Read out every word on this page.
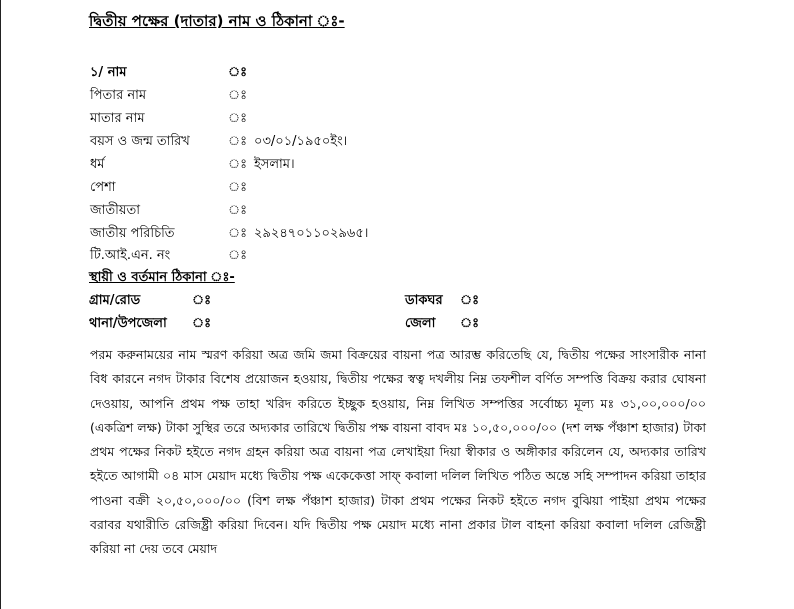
দ্বিতীয় পক্ষের (দাতার) নাম ও ঠিকানা ঃ-
১/ নাম	ঃ
পিতার নাম	ঃ
মাতার নাম	ঃ
বয়স ও জন্ম তারিখ	ঃ ০৩/০১/১৯৫০ইং।
ধর্ম	ঃ ইসলাম।
পেশা	ঃ
জাতীয়তা	ঃ
জাতীয় পরিচিতি	ঃ ২৯২৪৭০১১০২৯৬৫।
টি.আই.এন. নং	ঃ
স্থায়ী ও বর্তমান ঠিকানা ঃ-
গ্রাম/রোড	ঃ	ডাকঘর ঃ
থানা/উপজেলা ঃ	জেলা ঃ

পরম করুনাময়ের নাম স্মরণ করিয়া অত্র জমি জমা বিক্রয়ের বায়না পত্র আরম্ভ করিতেছি যে, দ্বিতীয় পক্ষের সাংসারীক নানা বিধ কারনে নগদ টাকার বিশেষ প্রয়োজন হওয়ায়, দ্বিতীয় পক্ষের স্বত্ব দখলীয় নিম্ন তফশীল বর্ণিত সম্পত্তি বিক্রয় করার ঘোষনা দেওয়ায়, আপনি প্রথম পক্ষ তাহা খরিদ করিতে ইচ্ছুক হওয়ায়, নিম্ন লিখিত সম্পত্তির সর্বোচ্চ্য মূল্য মঃ ৩১,০০,০০০/০০ (একত্রিশ লক্ষ) টাকা সুস্থির তরে অদ্যকার তারিখে দ্বিতীয় পক্ষ বায়না বাবদ মঃ ১০,৫০,০০০/০০ (দশ লক্ষ পঁঞ্চাশ হাজার) টাকা প্রথম পক্ষের নিকট হইতে নগদ গ্রহন করিয়া অত্র বায়না পত্র লেখাইয়া দিয়া স্বীকার ও অঙ্গীকার করিলেন যে, অদ্যকার তারিখ হইতে আগামী ০৪ মাস মেয়াদ মধ্যে দ্বিতীয় পক্ষ একেকেত্তা সাফ্ কবালা দলিল লিখিত পঠিত অন্তে সহি সম্পাদন করিয়া তাহার পাওনা বক্রী ২০,৫০,০০০/০০ (বিশ লক্ষ পঁঞ্চাশ হাজার) টাকা প্রথম পক্ষের নিকট হইতে নগদ বুঝিয়া পাইয়া প্রথম পক্ষের বরাবর যথারীতি রেজিষ্ট্রী করিয়া দিবেন। যদি দ্বিতীয় পক্ষ মেয়াদ মধ্যে নানা প্রকার টাল বাহনা করিয়া কবালা দলিল রেজিষ্ট্রী করিয়া না দেয় তবে মেয়াদ
